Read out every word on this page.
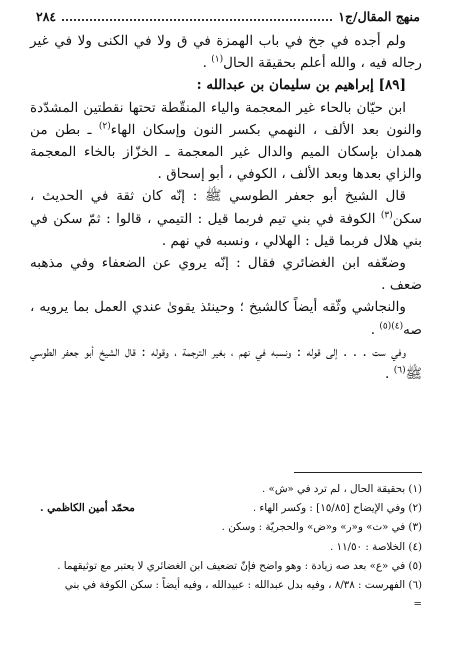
منهج المقال/ج١
٢٨٤

ولم أجده في جخ في باب الهمزة في ق ولا في الكنى ولا في غير رجاله فيه ، والله أعلم بحقيقة الحال$^{(١)}$ .

[٨٩] إبراهيم بن سليمان بن عبدالله :

ابن حيّان بالحاء غير المعجمة والياء المنقّطة تحتها نقطتين المشدّدة والنون بعد الألف ، النهمي بكسر النون وإسكان الهاء$^{(٢)}$ ـ بطن من همدان بإسكان الميم والدال غير المعجمة ـ الخزّاز بالخاء المعجمة والزاي بعدها وبعد الألف ، الكوفي ، أبو إسحاق .

قال الشيخ أبو جعفر الطوسي ﷺ : إنّه كان ثقة في الحديث ، سكن$^{(٣)}$ الكوفة في بني تيم فربما قيل : التيمي ، قالوا : ثمّ سكن في بني هلال فربما قيل : الهلالي ، ونسبه في نهم .

وضعّفه ابن الغضائري فقال : إنّه يروي عن الضعفاء وفي مذهبه ضعف .

والنجاشي وثّقه أيضاً كالشيخ ؛ وحينئذ يقوىٰ عندي العمل بما يرويه ، صه$^{(٤)(٥)}$ .

وفي ست . . . إلى قوله : ونسبه في نهم ، بغير الترجمة ، وقوله : قال الشيخ أبو جعفر الطوسي ﷺ$^{(٦)}$ .

(١) بحقيقة الحال ، لم ترد في «ش» .

(٢) وفي الإيضاح [١٥/٨٥] : وكسر الهاء .
محمّد أمين الكاظمي .

(٣) في «ت» و«ر» و«ض» والحجريّة : وسكن .

(٤) الخلاصة : ١١/٥٠ .

(٥) في «ع» بعد صه زيادة : وهو واضح فإنّ تضعيف ابن الغضائري لا يعتبر مع توثيقهما .

(٦) الفهرست : ٨/٣٨ ، وفيه بدل عبدالله : عبيدالله ، وفيه أيضاً : سكن الكوفة في بني

=
